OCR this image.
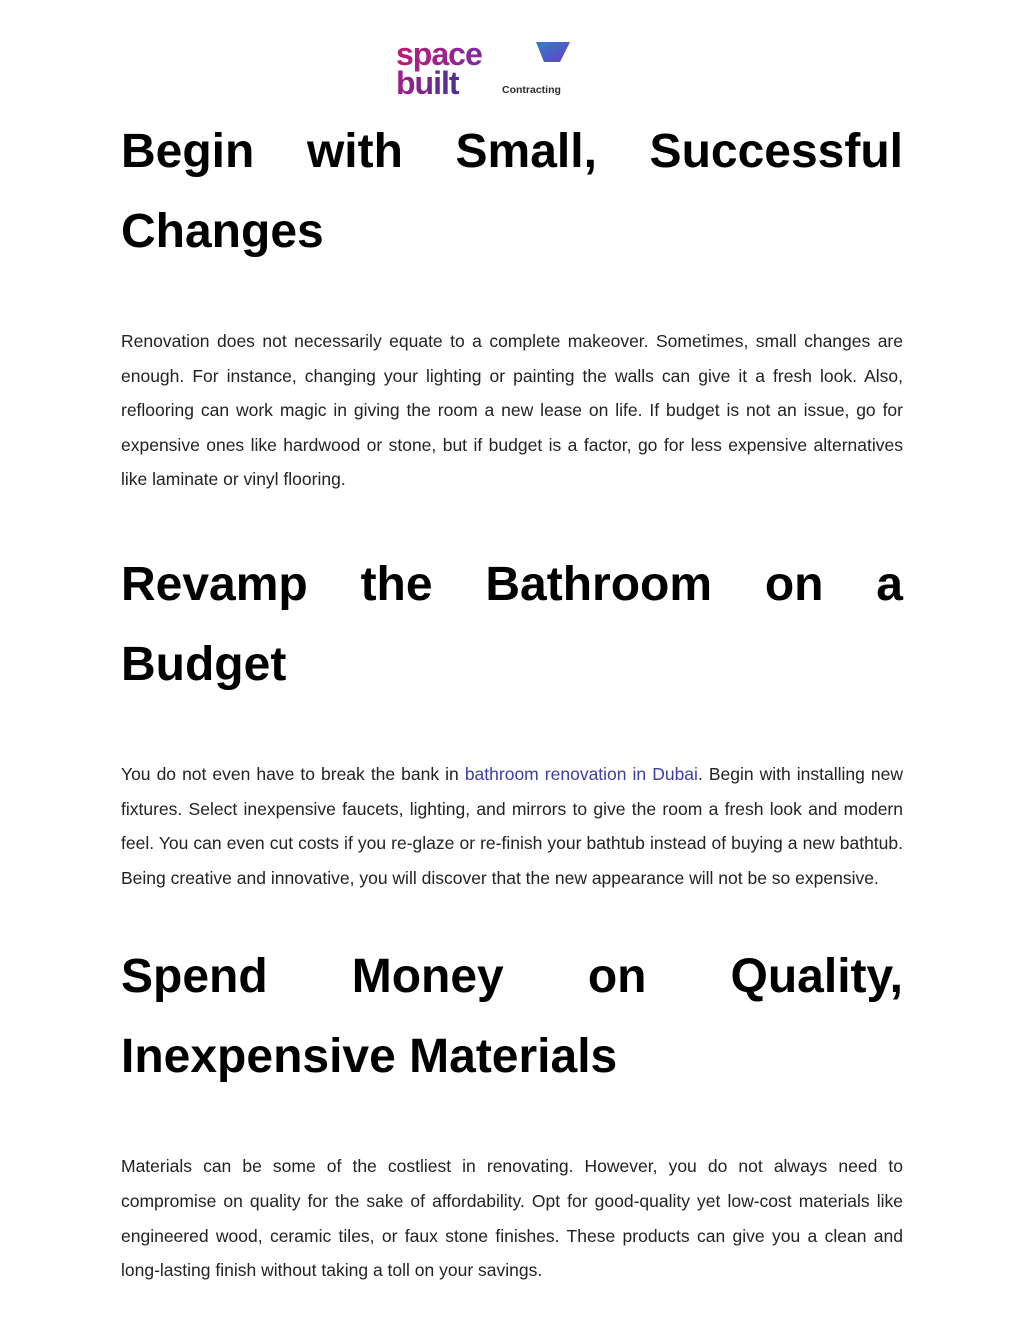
space
built	Contracting
Begin with Small, Successful Changes

Renovation does not necessarily equate to a complete makeover. Sometimes, small changes are enough. For instance, changing your lighting or painting the walls can give it a fresh look. Also, reflooring can work magic in giving the room a new lease on life. If budget is not an issue, go for expensive ones like hardwood or stone, but if budget is a factor, go for less expensive alternatives like laminate or vinyl flooring.

Revamp the Bathroom on a Budget

You do not even have to break the bank in bathroom renovation in Dubai. Begin with installing new fixtures. Select inexpensive faucets, lighting, and mirrors to give the room a fresh look and modern feel. You can even cut costs if you re-glaze or re-finish your bathtub instead of buying a new bathtub. Being creative and innovative, you will discover that the new appearance will not be so expensive.

Spend Money on Quality, Inexpensive Materials

Materials can be some of the costliest in renovating. However, you do not always need to compromise on quality for the sake of affordability. Opt for good-quality yet low-cost materials like engineered wood, ceramic tiles, or faux stone finishes. These products can give you a clean and long-lasting finish without taking a toll on your savings.
